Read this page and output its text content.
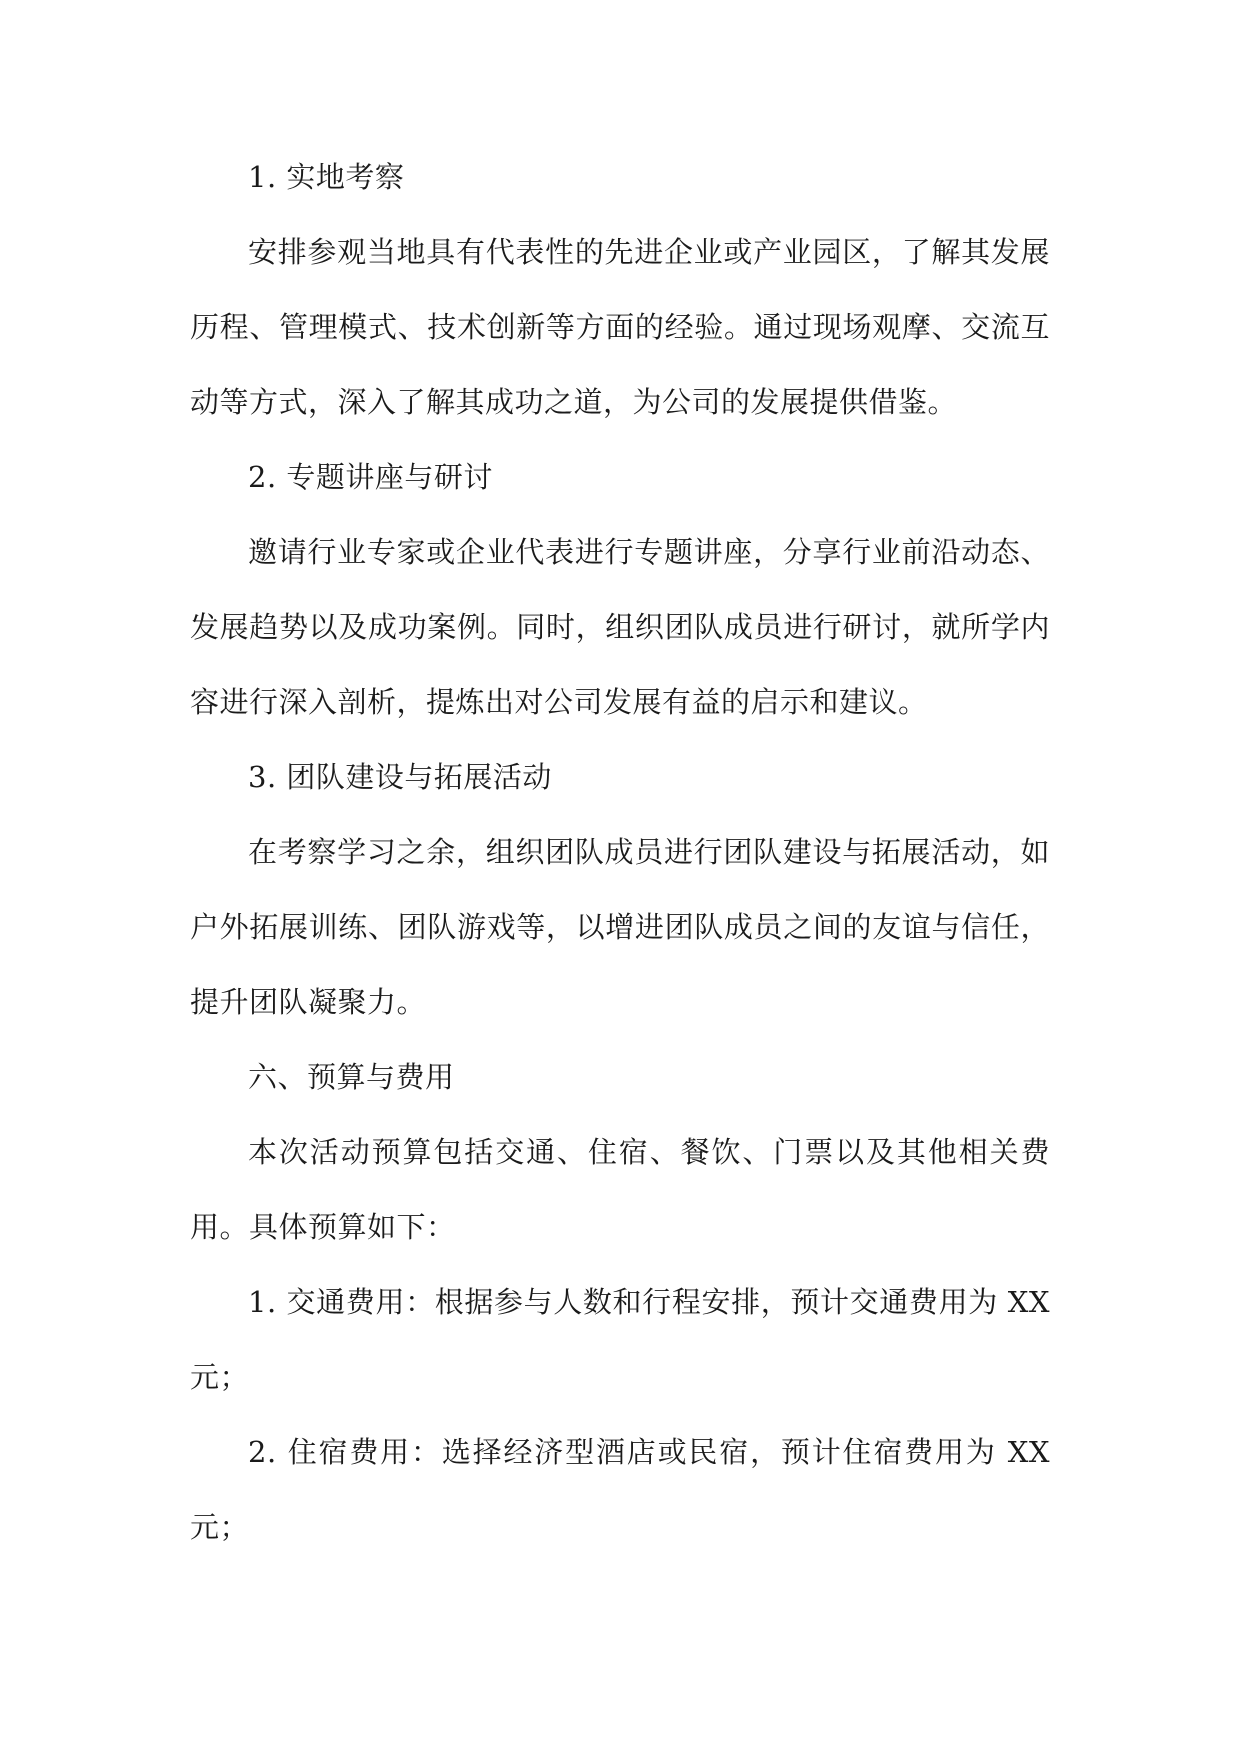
1. 实地考察

安排参观当地具有代表性的先进企业或产业园区，了解其发展历程、管理模式、技术创新等方面的经验。通过现场观摩、交流互动等方式，深入了解其成功之道，为公司的发展提供借鉴。

2. 专题讲座与研讨

邀请行业专家或企业代表进行专题讲座，分享行业前沿动态、发展趋势以及成功案例。同时，组织团队成员进行研讨，就所学内容进行深入剖析，提炼出对公司发展有益的启示和建议。

3. 团队建设与拓展活动

在考察学习之余，组织团队成员进行团队建设与拓展活动，如户外拓展训练、团队游戏等，以增进团队成员之间的友谊与信任，提升团队凝聚力。

六、预算与费用

本次活动预算包括交通、住宿、餐饮、门票以及其他相关费用。具体预算如下：

1. 交通费用：根据参与人数和行程安排，预计交通费用为 XX 元；

2. 住宿费用：选择经济型酒店或民宿，预计住宿费用为 XX 元；
